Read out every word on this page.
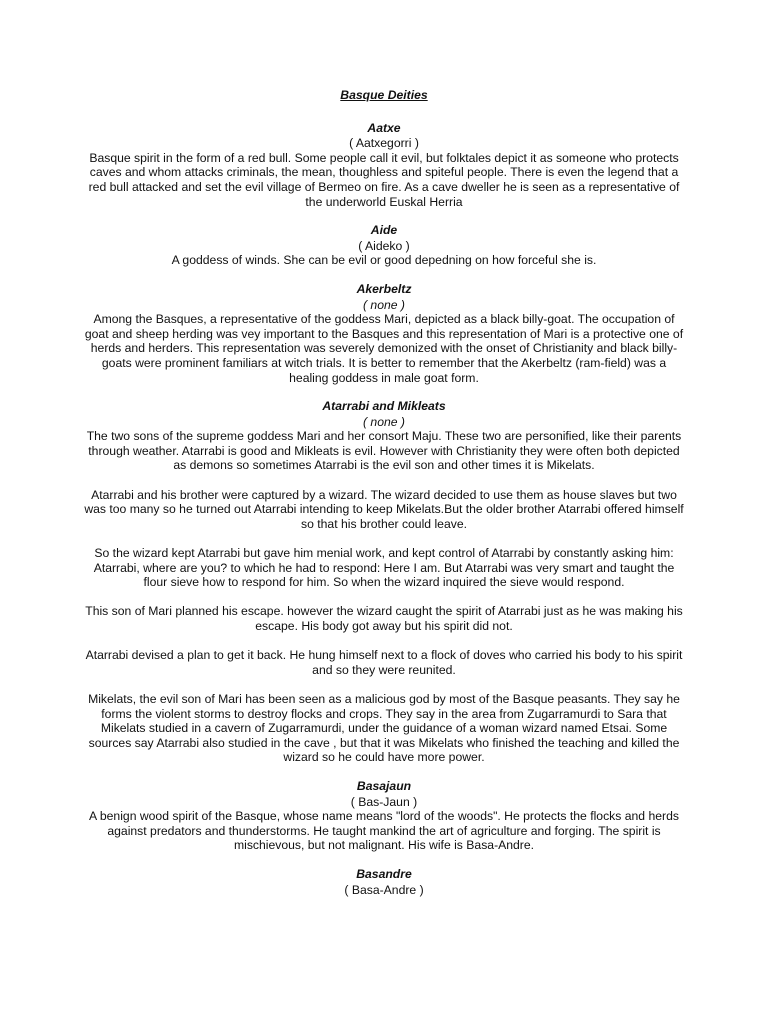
Basque Deities
Aatxe
( Aatxegorri )
Basque spirit in the form of a red bull. Some people call it evil, but folktales depict it as someone who protects caves and whom attacks criminals, the mean, thoughless and spiteful people. There is even the legend that a red bull attacked and set the evil village of Bermeo on fire. As a cave dweller he is seen as a representative of the underworld Euskal Herria
Aide
( Aideko )
A goddess of winds. She can be evil or good depedning on how forceful she is.
Akerbeltz
( none )
Among the Basques, a representative of the goddess Mari, depicted as a black billy-goat. The occupation of goat and sheep herding was vey important to the Basques and this representation of Mari is a protective one of herds and herders. This representation was severely demonized with the onset of Christianity and black billy-goats were prominent familiars at witch trials. It is better to remember that the Akerbeltz (ram-field) was a healing goddess in male goat form.
Atarrabi and Mikleats
( none )
The two sons of the supreme goddess Mari and her consort Maju. These two are personified, like their parents through weather. Atarrabi is good and Mikleats is evil. However with Christianity they were often both depicted as demons so sometimes Atarrabi is the evil son and other times it is Mikelats.
Atarrabi and his brother were captured by a wizard. The wizard decided to use them as house slaves but two was too many so he turned out Atarrabi intending to keep Mikelats.But the older brother Atarrabi offered himself so that his brother could leave.
So the wizard kept Atarrabi but gave him menial work, and kept control of Atarrabi by constantly asking him: Atarrabi, where are you? to which he had to respond: Here I am. But Atarrabi was very smart and taught the flour sieve how to respond for him. So when the wizard inquired the sieve would respond.
This son of Mari planned his escape. however the wizard caught the spirit of Atarrabi just as he was making his escape. His body got away but his spirit did not.
Atarrabi devised a plan to get it back. He hung himself next to a flock of doves who carried his body to his spirit and so they were reunited.
Mikelats, the evil son of Mari has been seen as a malicious god by most of the Basque peasants. They say he forms the violent storms to destroy flocks and crops. They say in the area from Zugarramurdi to Sara that Mikelats studied in a cavern of Zugarramurdi, under the guidance of a woman wizard named Etsai. Some sources say Atarrabi also studied in the cave , but that it was Mikelats who finished the teaching and killed the wizard so he could have more power.
Basajaun
( Bas-Jaun )
A benign wood spirit of the Basque, whose name means "lord of the woods". He protects the flocks and herds against predators and thunderstorms. He taught mankind the art of agriculture and forging. The spirit is mischievous, but not malignant. His wife is Basa-Andre.
Basandre
( Basa-Andre )
